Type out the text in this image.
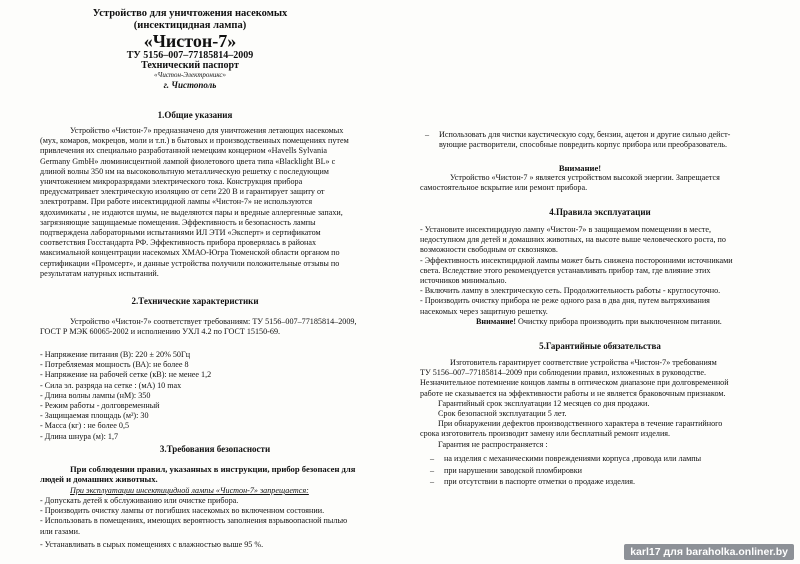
Устройство для уничтожения насекомых
(инсектицидная лампа)
«Чистон-7»
ТУ 5156–007–77185814–2009
Технический паспорт
«Чистон-Электроникс»
г. Чистополь
1.Общие указания
Устройство «Чистон-7» предназначено для уничтожения летающих насекомых
(мух, комаров, мокрецов, моли и т.п.) в бытовых и производственных помещениях путем
привлечения их специально разработанной немецким концерном «Havells Sylvania
Germany GmbH» люминисцентной лампой фиолетового цвета типа «Blacklight BL» с
длиной волны 350 нм на высоковольтную металлическую решетку с последующим
уничтожением микроразрядами электрического тока. Конструкция прибора
предусматривает электрическую изоляцию от сети 220 В и гарантирует защиту от
электротравм. При работе инсектицидной лампы «Чистон-7» не используются
ядохимикаты , не издаются шумы, не выделяются пары и вредные аллергенные запахи,
загрязняющие защищаемые помещения. Эффективность и безопасность лампы
подтверждена лабораторными испытаниями ИЛ ЭТИ «Эксперт» и сертификатом
соответствия Госстандарта РФ. Эффективность прибора проверялась в районах
максимальной концентрации насекомых ХМАО-Югра Тюменской области органом по
сертификации «Промсерт», и данные устройства получили положительные отзывы по
результатам натурных испытаний.
2.Технические характеристики
Устройство «Чистон-7» соответствует требованиям: ТУ 5156–007–77185814–2009,
ГОСТ Р МЭК 60065-2002 и исполнению УХЛ 4.2 по ГОСТ 15150-69.
- Напряжение питания (В): 220 ± 20% 50Гц
- Потребляемая мощность (ВА): не более 8
- Напряжение на рабочей сетке (кВ): не менее 1,2
- Сила эл. разряда на сетке : (мА) 10 max
- Длина волны лампы (нМ): 350
- Режим работы - долговременный
- Защищаемая площадь (м²): 30
- Масса (кг) : не более 0,5
- Длина шнура (м): 1,7
3.Требования безопасности
При соблюдении правил, указанных в инструкции, прибор безопасен для
людей и домашних животных.
При эксплуатации инсектицидной лампы «Чистон-7» запрещается:
- Допускать детей к обслуживанию или очистке прибора.
- Производить очистку лампы от погибших насекомых во включенном состоянии.
- Использовать в помещениях, имеющих вероятность заполнения взрывоопасной пылью
или газами.
- Устанавливать в сырых помещениях с влажностью выше 95 %.
– Использовать для чистки каустическую соду, бензин, ацетон и другие сильно дейст-
вующие растворители, способные повредить корпус прибора или преобразователь.
Внимание!
Устройство «Чистон-7 » является устройством высокой энергии. Запрещается
самостоятельное вскрытие или ремонт прибора.
4.Правила эксплуатации
- Установите инсектицидную лампу «Чистон-7» в защищаемом помещении в месте,
недоступном для детей и домашних животных, на высоте выше человеческого роста, по
возможности свободным от сквозняков.
- Эффективность инсектицидной лампы может быть снижена посторонними источниками
света. Вследствие этого рекомендуется устанавливать прибор там, где влияние этих
источников минимально.
- Включить лампу в электрическую сеть. Продолжительность работы - круглосуточно.
- Производить очистку прибора не реже одного раза в два дня, путем вытряхивания
насекомых через защитную решетку.
Внимание! Очистку прибора производить при выключенном питании.
5.Гарантийные обязательства
Изготовитель гарантирует соответствие устройства «Чистон-7» требованиям
ТУ 5156–007–77185814–2009 при соблюдении правил, изложенных в руководстве.
Незначительное потемнение концов лампы в оптическом диапазоне при долговременной
работе не сказывается на эффективности работы и не является браковочным признаком.
Гарантийный срок эксплуатации 12 месяцев со дня продажи.
Срок безопасной эксплуатации 5 лет.
При обнаружении дефектов производственного характера в течение гарантийного
срока изготовитель производит замену или бесплатный ремонт изделия.
Гарантия не распространяется :
– на изделия с механическими повреждениями корпуса ,провода или лампы
– при нарушении заводской пломбировки
– при отсутствии в паспорте отметки о продаже изделия.
karl17 для baraholka.onliner.by
